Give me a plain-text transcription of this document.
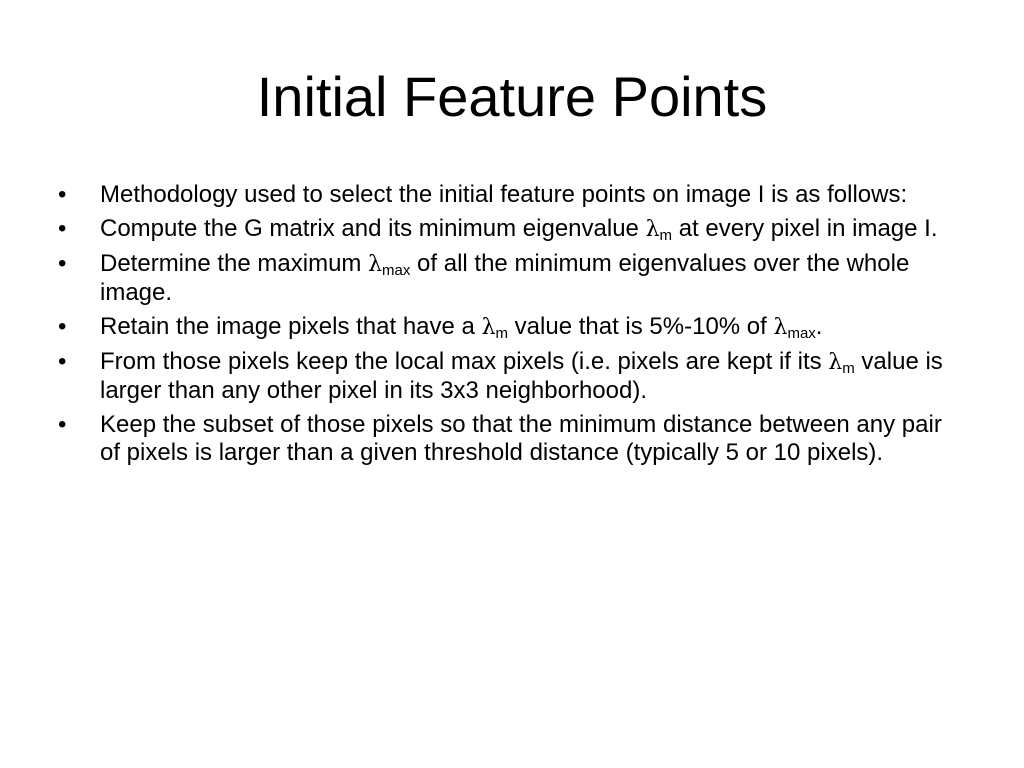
Initial Feature Points
•	Methodology used to select the initial feature points on image I is as follows:
•	Compute the G matrix and its minimum eigenvalue $\lambda_m$ at every pixel in image I.
•	Determine the maximum $\lambda_{max}$ of all the minimum eigenvalues over the whole image.
•	Retain the image pixels that have a $\lambda_m$ value that is 5%-10% of $\lambda_{max}$.
•	From those pixels keep the local max pixels (i.e. pixels are kept if its $\lambda_m$ value is larger than any other pixel in its 3x3 neighborhood).
•	Keep the subset of those pixels so that the minimum distance between any pair of pixels is larger than a given threshold distance (typically 5 or 10 pixels).
